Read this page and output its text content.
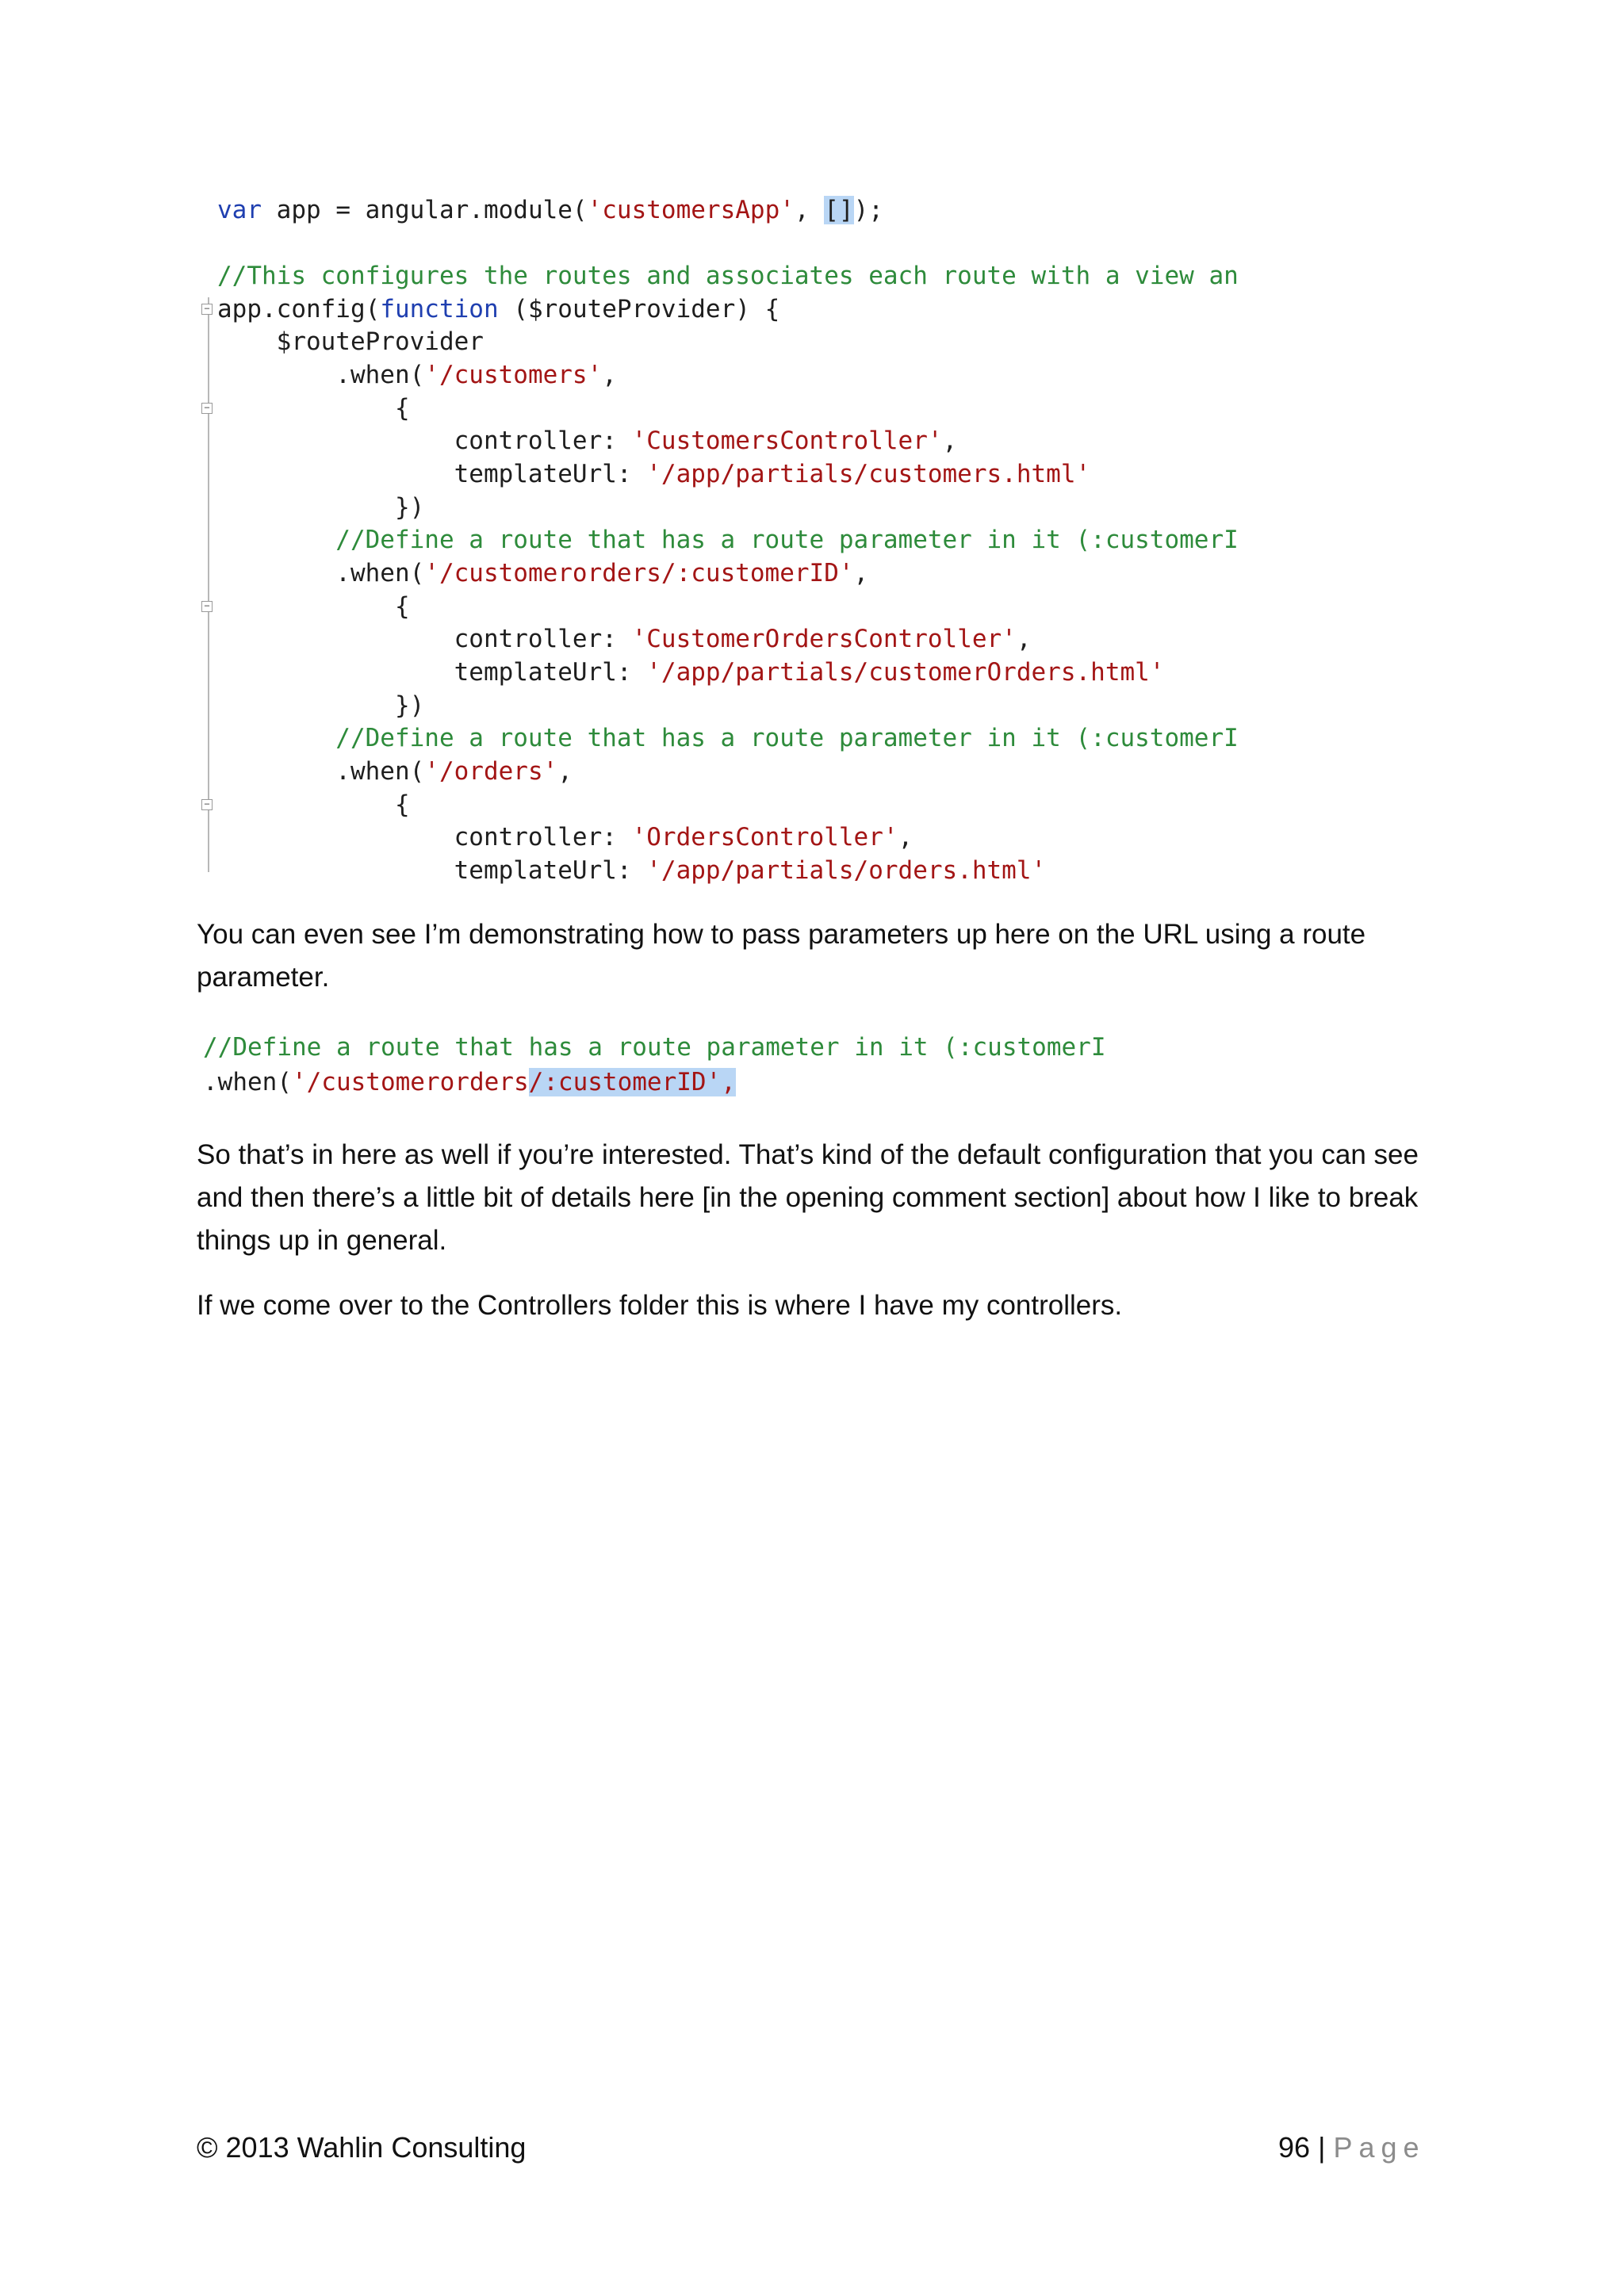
−
−
−
−
var app = angular.module('customersApp', []);
//This configures the routes and associates each route with a view an
app.config(function ($routeProvider) {
$routeProvider
.when('/customers',
{
controller: 'CustomersController',
templateUrl: '/app/partials/customers.html'
})
//Define a route that has a route parameter in it (:customerI
.when('/customerorders/:customerID',
{
controller: 'CustomerOrdersController',
templateUrl: '/app/partials/customerOrders.html'
})
//Define a route that has a route parameter in it (:customerI
.when('/orders',
{
controller: 'OrdersController',
templateUrl: '/app/partials/orders.html'

You can even see I’m demonstrating how to pass parameters up here on the URL using a route parameter.

//Define a route that has a route parameter in it (:customerI
.when('/customerorders/:customerID',

So that’s in here as well if you’re interested. That’s kind of the default configuration that you can see and then there’s a little bit of details here [in the opening comment section] about how I like to break things up in general.

If we come over to the Controllers folder this is where I have my controllers.

© 2013 Wahlin Consulting	96 | Page
